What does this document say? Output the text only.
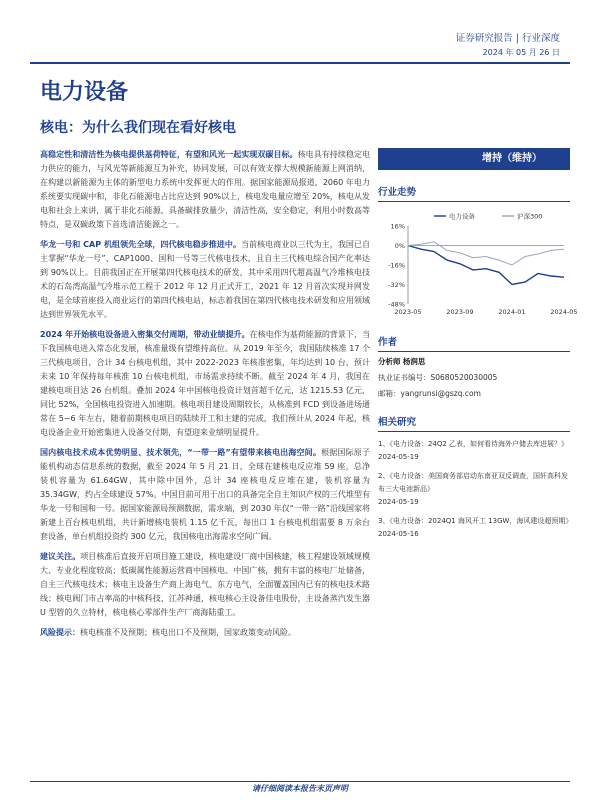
证券研究报告 | 行业深度
2024 年 05 月 26 日
电力设备
核电：为什么我们现在看好核电

高稳定性和清洁性为核电提供基荷特征，有望和风光一起实现双碳目标。核电具有持续稳定电力供应的能力，与风光等新能源互为补充，协同发展，可以有效支撑大规模新能源上网消纳，在构建以新能源为主体的新型电力系统中发挥更大的作用。据国家能源局报道，2060 年电力系统要实现碳中和，非化石能源电占比应达到 90%以上，核电发电量应增至 20%，核电从发电和社会上来讲，属于非化石能源，具备碳排放量少，清洁性高，安全稳定，利用小时数高等特点，是双碳政策下首选清洁能源之一。

华龙一号和 CAP 机组领先全球，四代核电稳步推进中。当前核电商业以三代为主，我国已自主掌握“华龙一号”、CAP1000、国和一号等三代核电技术，且自主三代核电综合国产化率达到 90%以上。目前我国正在开展第四代核电技术的研发，其中采用四代超高温气冷堆核电技术的石岛湾高温气冷堆示范工程于 2012 年 12 月正式开工，2021 年 12 月首次实现并网发电，是全球首座投入商业运行的第四代核电站，标志着我国在第四代核电技术研发和应用领域达到世界领先水平。

2024 年开始核电设备进入密集交付周期，带动业绩提升。在核电作为基荷能源的背景下，当下我国核电进入常态化发展，核准量级有望维持高位。从 2019 年至今，我国陆续核准 17 个三代核电项目，合计 34 台核电机组，其中 2022-2023 年核准密集，年均达到 10 台，预计未来 10 年保持每年核准 10 台核电机组，市场需求持续不断。截至 2024 年 4 月，我国在建核电项目达 26 台机组。叠加 2024 年中国核电投资计划首超千亿元，达 1215.53 亿元，同比 52%，全国核电投资进入加速期。核电项目建设周期较长，从核准到 FCD 到设备进场通常在 5~6 年左右，随着前期核电项目的陆续开工和主建的完成，我们预计从 2024 年起，核电设备企业开始密集进入设备交付期，有望迎来业绩明显提升。

国内核电技术成本优势明显、技术领先，“一带一路”有望带来核电出海空间。根据国际原子能机构动态信息系统的数据，截至 2024 年 5 月 21 日，全球在建核电反应堆 59 座，总净装机容量为 61.64GW，其中除中国外，总计 34 座核电反应堆在建，装机容量为 35.34GW，约占全球建设 57%。中国目前可用于出口的具备完全自主知识产权的三代堆型有华龙一号和国和一号。据国家能源局预测数据，需求端，到 2030 年仅“一带一路”沿线国家将新建上百台核电机组，共计新增核电装机 1.15 亿千瓦，每出口 1 台核电机组需要 8 万余台套设备，单台机组投资约 300 亿元，我国核电出海需求空间广阔。

建议关注。项目核准后直接开启项目施工建设，核电建设厂商中国核建，核工程建设领域规模大、专业化程度较高；低碳属性能源运营商中国核电、中国广核，拥有丰富的核电厂址储备，自主三代核电技术；核电主设备生产商上海电气、东方电气，全面覆盖国内已有的核电技术路线；核电阀门市占率高的中核科技、江苏神通，核电核心主设备佳电股份，主设备蒸汽发生器 U 型管的久立特材，核电核心零部件生产厂商海陆重工。

风险提示：核电核准不及预期；核电出口不及预期，国家政策变动风险。

增持（维持）
行业走势
16%
0%
-16%
-32%
-48%
2023-05	2023-09	2024-01	2024-05
电力设备	沪深300
作者
分析师 杨润思
执业证书编号：S0680520030005
邮箱：yangrunsi@gszq.com
相关研究
1、《电力设备：24Q2 乙表，如何看待海外户储去库进展？》
2024-05-19
2、《电力设备：美国商务部启动东南亚双反调查，国轩高科发布三大电池新品》
2024-05-19
3、《电力设备：2024Q1 海风开工 13GW，海风建设超预期》
2024-05-16
请仔细阅读本报告末页声明
